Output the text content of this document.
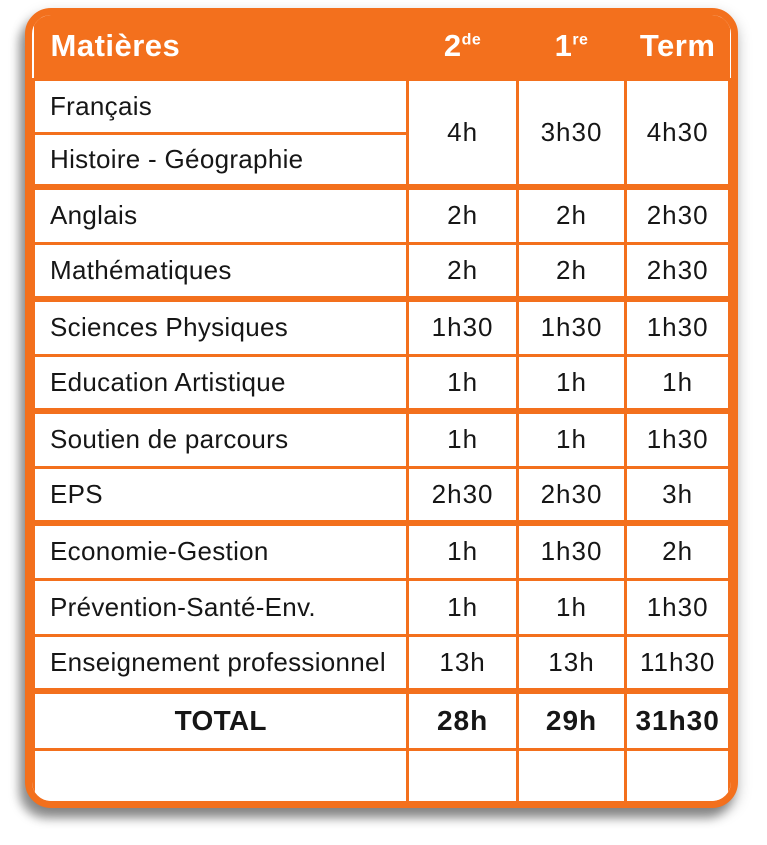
Matières	2de	1re	Term
Français	4h	3h30	4h30
Histoire - Géographie			
Anglais	2h	2h	2h30
Mathématiques	2h	2h	2h30
Sciences Physiques	1h30	1h30	1h30
Education Artistique	1h	1h	1h
Soutien de parcours	1h	1h	1h30
EPS	2h30	2h30	3h
Economie-Gestion	1h	1h30	2h
Prévention-Santé-Env.	1h	1h	1h30
Enseignement professionnel	13h	13h	11h30
TOTAL	28h	29h	31h30
